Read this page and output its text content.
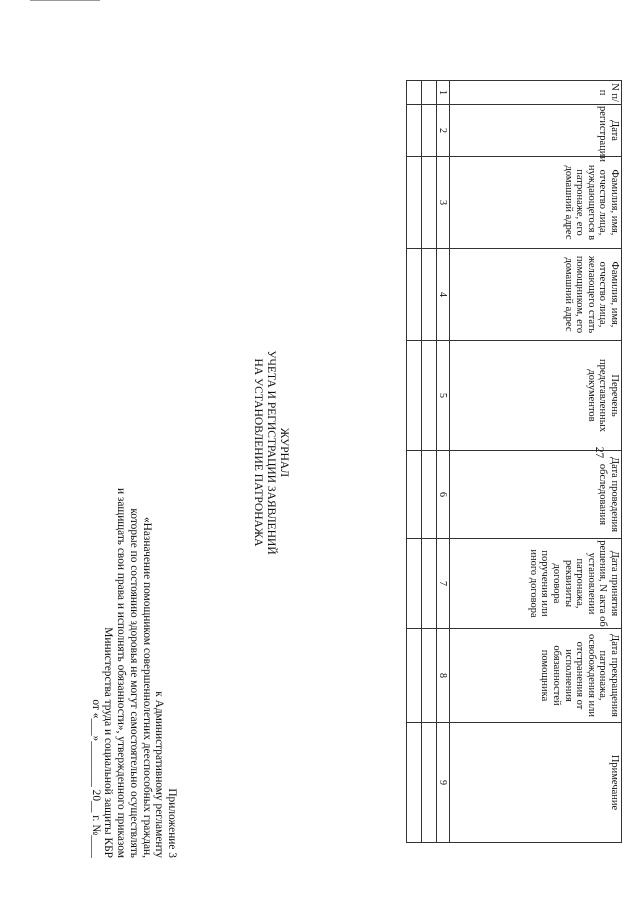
Приложение 3
к Административному регламенту
«Назначение помощником совершеннолетних дееспособных граждан,
которые по состоянию здоровья не могут самостоятельно осуществлять
и защищать свои права и исполнять обязанности», утвержденного приказом
Министерства труда и социальной защиты КБР
от «___»________ 20__ г. №____
ЖУРНАЛ
УЧЕТА И РЕГИСТРАЦИИ ЗАЯВЛЕНИЙ
НА УСТАНОВЛЕНИЕ ПАТРОНАЖА
N п/п	Дата регистрации	Фамилия, имя, отчество лица, нуждающегося в патронаже, его домашний адрес	Фамилия, имя, отчество лица, желающего стать помощником, его домашний адрес	Перечень представленных документов	Дата проведения обследования	Дата принятия решения, N акта об установлении патронажа, реквизиты договора поручения или иного договора	Дата прекращения патронажа, освобождения или отстранения от исполнения обязанностей помощника	Примечание
1	2	3	4	5	6	7	8	9

27
